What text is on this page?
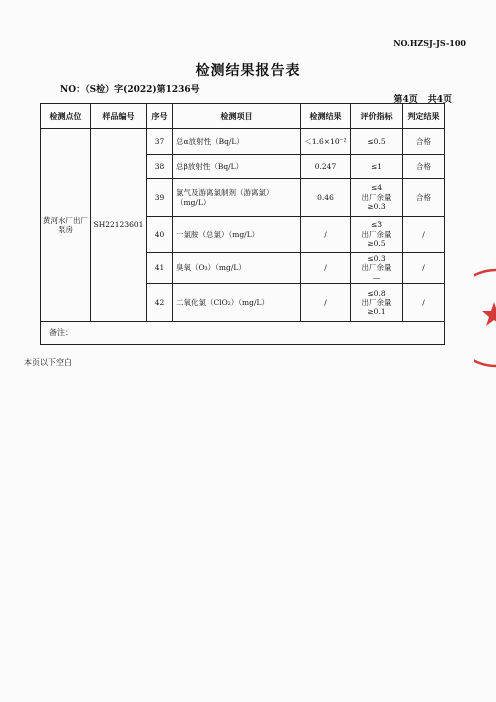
NO.HZSJ-JS-100
检测结果报告表
NO：（S检）字(2022)第1236号
第4页 共4页
检测点位	样品编号	序号	检测项目	检测结果	评价指标	判定结果
黄河水厂出厂泵房	SH22123601	37	总α放射性（Bq/L）	＜1.6×10⁻²	≤0.5	合格
		38	总β放射性（Bq/L）	0.247	≤1	合格
		39	氯气及游离氯制剂（游离氯）（mg/L）	0.46	≤4
出厂余量
≥0.3	合格
		40	一氯胺（总氯）（mg/L）	/	≤3
出厂余量
≥0.5	/
		41	臭氧（O₃）（mg/L）	/	≤0.3
出厂余量
—	/
		42	二氧化氯（ClO₂）（mg/L）	/	≤0.8
出厂余量
≥0.1	/
备注：						
本页以下空白
